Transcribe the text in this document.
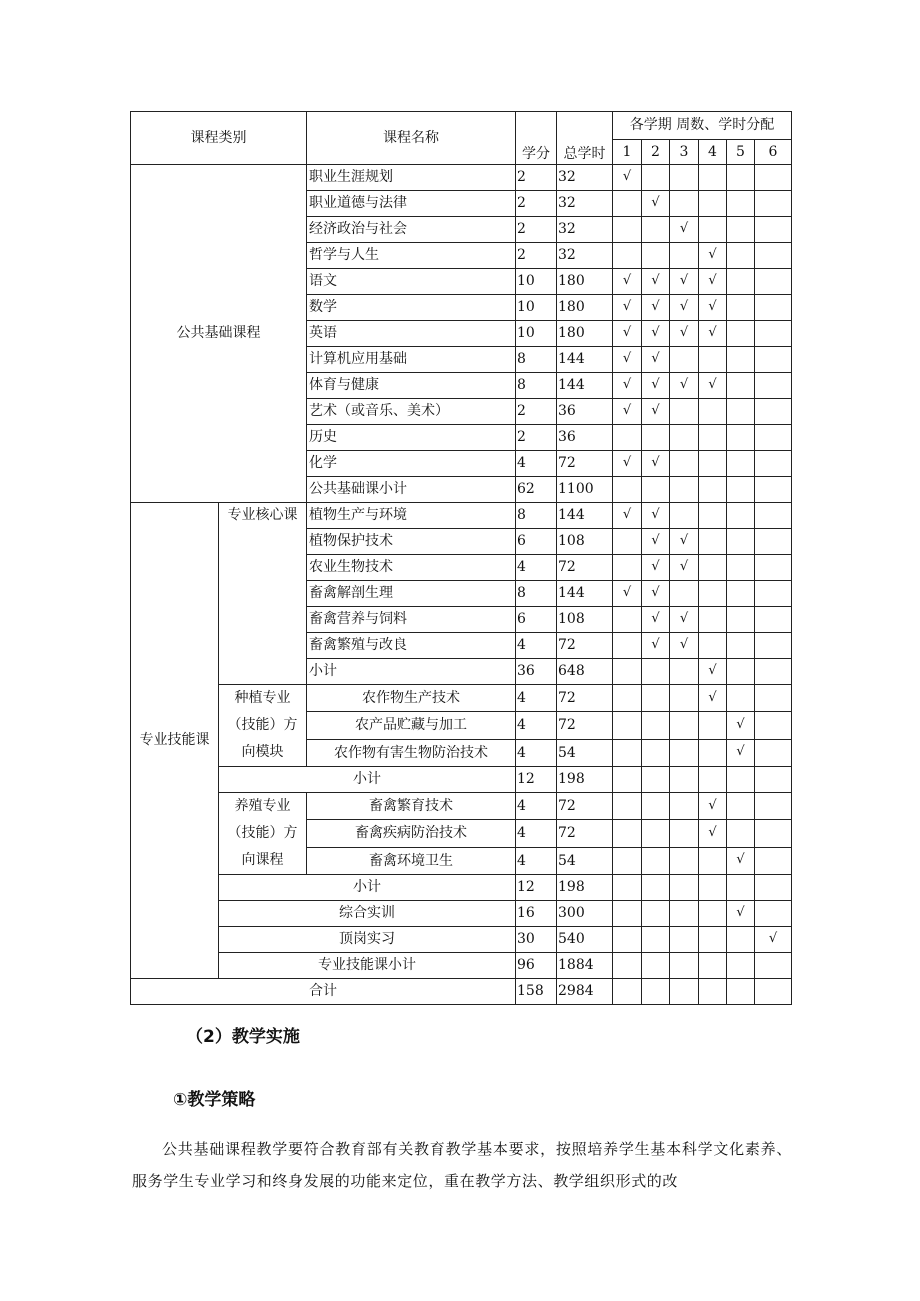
课程类别		课程名称	学分	总学时	各学期 周数、学时分配					
					1	2	3	4	5	6
公共基础课程		职业生涯规划	2	32	√					
		职业道德与法律	2	32		√				
		经济政治与社会	2	32			√			
		哲学与人生	2	32				√		
		语文	10	180	√	√	√	√		
		数学	10	180	√	√	√	√		
		英语	10	180	√	√	√	√		
		计算机应用基础	8	144	√	√				
		体育与健康	8	144	√	√	√	√		
		艺术（或音乐、美术）	2	36	√	√				
		历史	2	36						
		化学	4	72	√	√				
		公共基础课小计	62	1100						
专业技能课	专业核心课	植物生产与环境	8	144	√	√				
		植物保护技术	6	108		√	√			
		农业生物技术	4	72		√	√			
		畜禽解剖生理	8	144	√	√				
		畜禽营养与饲料	6	108		√	√			
		畜禽繁殖与改良	4	72		√	√			
		小计	36	648				√		
	种植专业（技能）方向模块	农作物生产技术	4	72				√		
		农产品贮藏与加工	4	72					√	
		农作物有害生物防治技术	4	54					√	
	小计		12	198						
	养殖专业（技能）方向课程	畜禽繁育技术	4	72				√		
		畜禽疾病防治技术	4	72				√		
		畜禽环境卫生	4	54					√	
	小计		12	198						
	综合实训		16	300					√	
	顶岗实习		30	540						√
	专业技能课小计		96	1884						
合计			158	2984						
（2）教学实施
①教学策略
公共基础课程教学要符合教育部有关教育教学基本要求，按照培养学生基本科学文化素养、服务学生专业学习和终身发展的功能来定位，重在教学方法、教学组织形式的改
